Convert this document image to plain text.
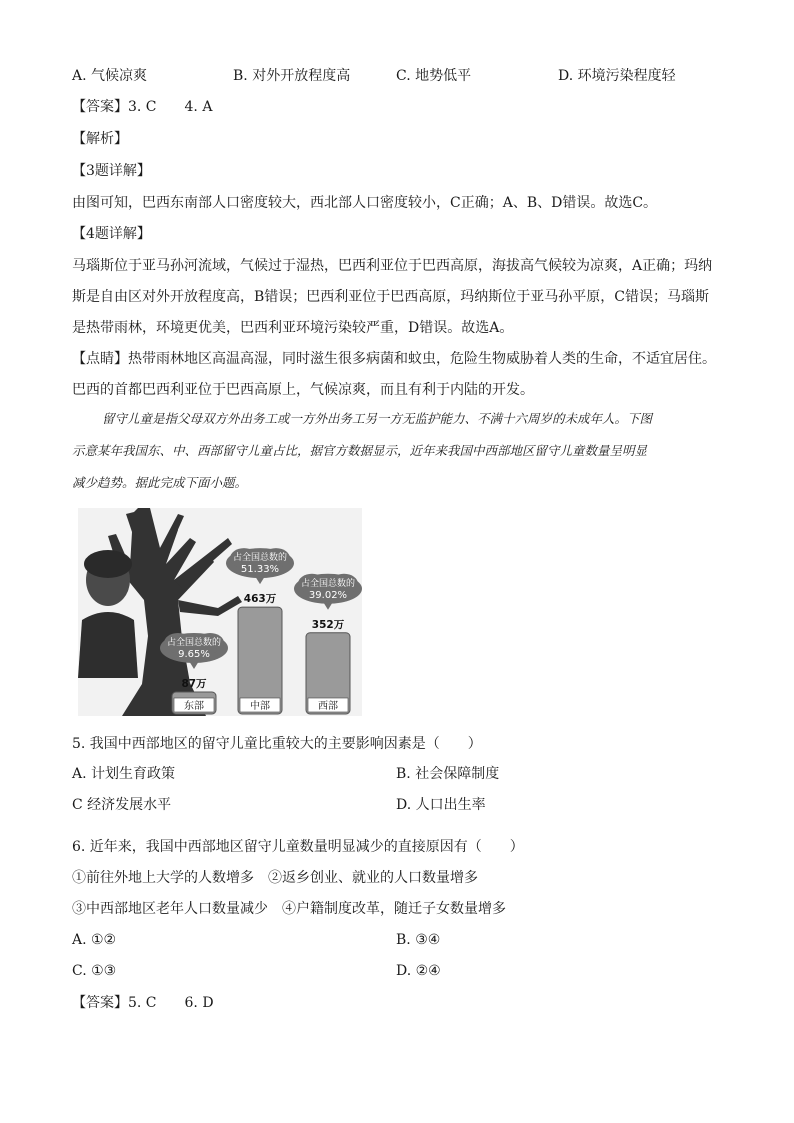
A. 气候凉爽	B. 对外开放程度高	C. 地势低平	D. 环境污染程度轻
【答案】3. C　　4. A
【解析】
【3题详解】
由图可知，巴西东南部人口密度较大，西北部人口密度较小，C正确；A、B、D错误。故选C。
【4题详解】
马瑙斯位于亚马孙河流域，气候过于湿热，巴西利亚位于巴西高原，海拔高气候较为凉爽，A正确；玛纳
斯是自由区对外开放程度高，B错误；巴西利亚位于巴西高原，玛纳斯位于亚马孙平原，C错误；马瑙斯
是热带雨林，环境更优美，巴西利亚环境污染较严重，D错误。故选A。
【点睛】热带雨林地区高温高湿，同时滋生很多病菌和蚊虫，危险生物威胁着人类的生命，不适宜居住。
巴西的首都巴西利亚位于巴西高原上，气候凉爽，而且有利于内陆的开发。
留守儿童是指父母双方外出务工或一方外出务工另一方无监护能力、不满十六周岁的未成年人。下图
示意某年我国东、中、西部留守儿童占比，据官方数据显示，近年来我国中西部地区留守儿童数量呈明显
减少趋势。据此完成下面小题。
东部
87万
占全国总数的
9.65%
中部
463万
占全国总数的
51.33%
西部
352万
占全国总数的
39.02%
5. 我国中西部地区的留守儿童比重较大的主要影响因素是（　　）
A. 计划生育政策	B. 社会保障制度
C 经济发展水平	D. 人口出生率
6. 近年来，我国中西部地区留守儿童数量明显减少的直接原因有（　　）
①前往外地上大学的人数增多　②返乡创业、就业的人口数量增多
③中西部地区老年人口数量减少　④户籍制度改革，随迁子女数量增多
A. ①②	B. ③④
C. ①③	D. ②④
【答案】5. C　　6. D
